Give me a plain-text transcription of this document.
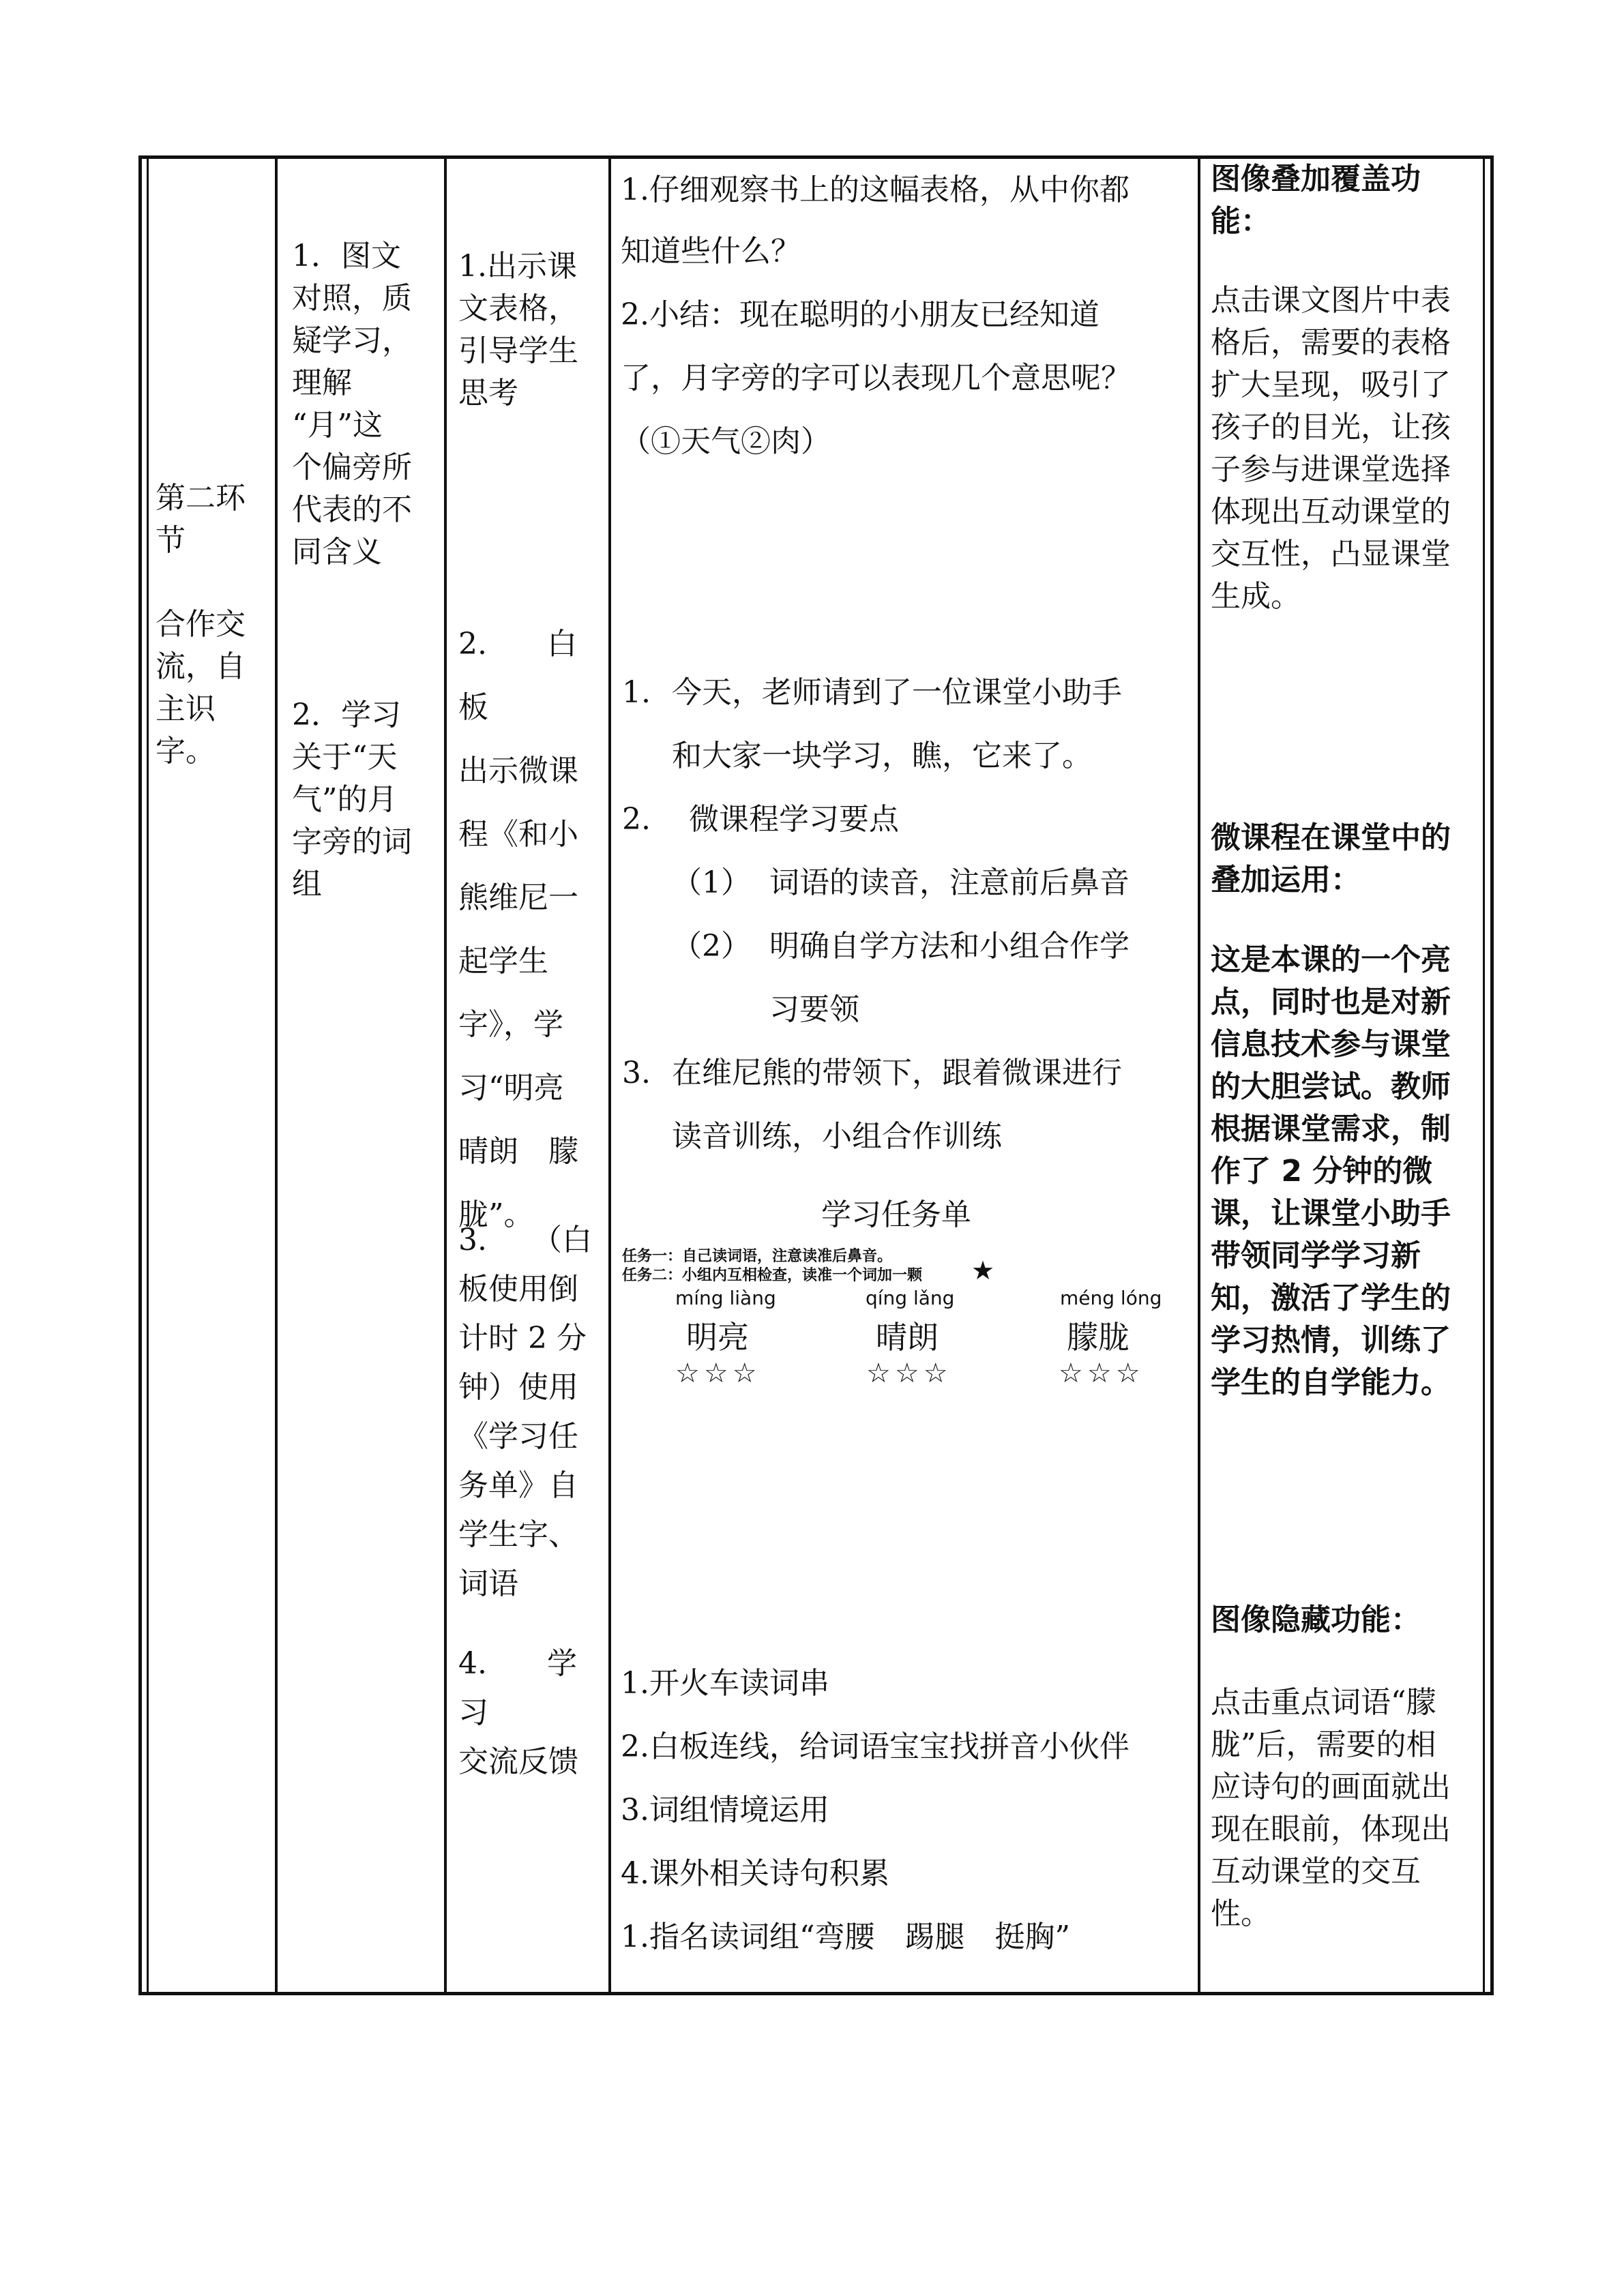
第二环
节
合作交
流，自
主识
字。
1．图文
对照，质
疑学习，
理解
“月”这
个偏旁所
代表的不
同含义
2．学习
关于“天
气”的月
字旁的词
组
1.出示课
文表格，
引导学生
思考
2.　　白板
出示微课
程《和小
熊维尼一
起学生
字》，学
习“明亮
晴朗　朦
胧”。
3.　　（白
板使用倒
计时 2 分
钟）使用
《学习任
务单》自
学生字、
词语
4.　　学习
交流反馈
1.仔细观察书上的这幅表格，从中你都
知道些什么？
2.小结：现在聪明的小朋友已经知道
了，月字旁的字可以表现几个意思呢？
（①天气②肉）
1. 今天，老师请到了一位课堂小助手
和大家一块学习，瞧，它来了。
2. 微课程学习要点
（1） 词语的读音，注意前后鼻音
（2） 明确自学方法和小组合作学
习要领
3. 在维尼熊的带领下，跟着微课进行
读音训练，小组合作训练
学习任务单
任务一：自己读词语，注意读准后鼻音。
任务二：小组内互相检查，读准一个词加一颗 ★
míng liàng
明亮
☆☆☆
qíng lǎng
晴朗
☆☆☆
méng lóng
朦胧
☆☆☆
1.开火车读词串
2.白板连线，给词语宝宝找拼音小伙伴
3.词组情境运用
4.课外相关诗句积累
1.指名读词组“弯腰　踢腿　挺胸”
图像叠加覆盖功
能：
点击课文图片中表
格后，需要的表格
扩大呈现，吸引了
孩子的目光，让孩
子参与进课堂选择
体现出互动课堂的
交互性，凸显课堂
生成。
微课程在课堂中的
叠加运用：
这是本课的一个亮
点，同时也是对新
信息技术参与课堂
的大胆尝试。教师
根据课堂需求，制
作了 2 分钟的微
课，让课堂小助手
带领同学学习新
知，激活了学生的
学习热情，训练了
学生的自学能力。
图像隐藏功能：
点击重点词语“朦
胧”后，需要的相
应诗句的画面就出
现在眼前，体现出
互动课堂的交互
性。
